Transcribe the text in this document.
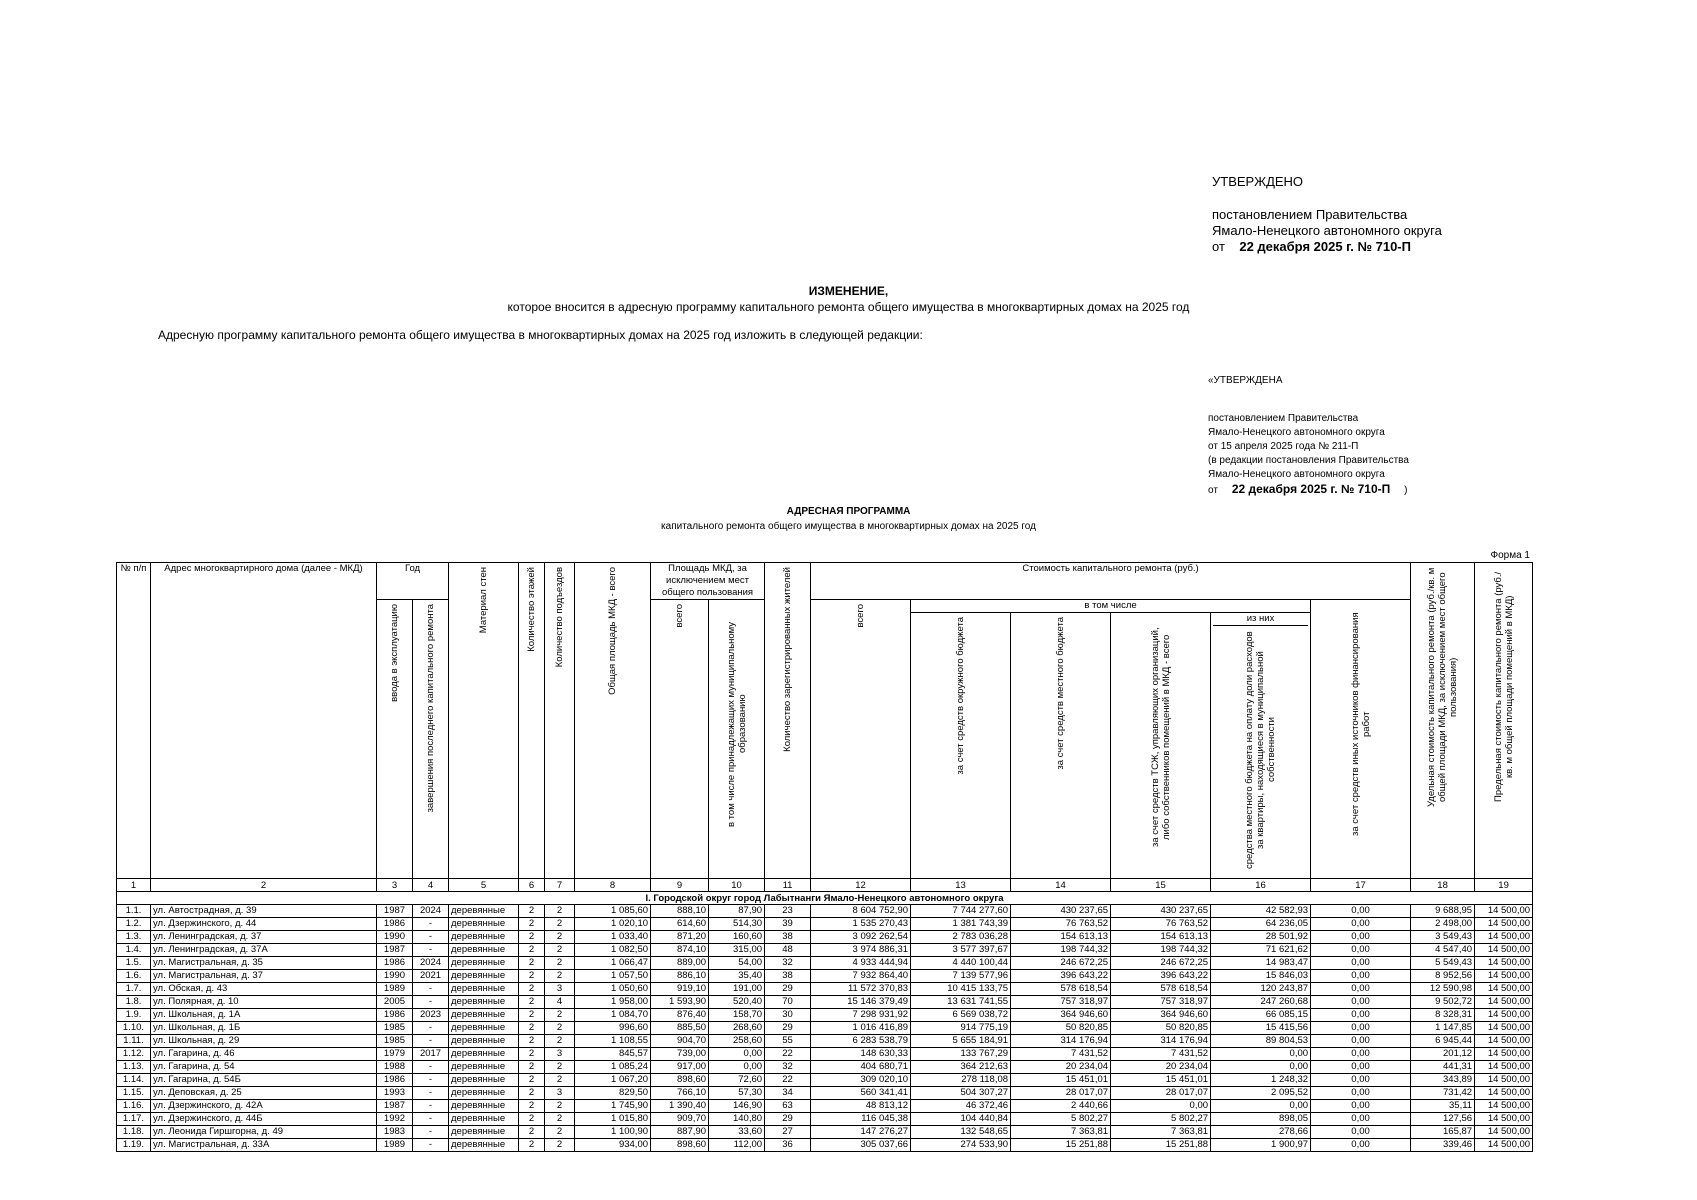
УТВЕРЖДЕНО
постановлением Правительства
Ямало-Ненецкого автономного округа
от 22 декабря 2025 г. № 710-П
ИЗМЕНЕНИЕ,
которое вносится в адресную программу капитального ремонта общего имущества в многоквартирных домах на 2025 год
Адресную программу капитального ремонта общего имущества в многоквартирных домах на 2025 год изложить в следующей редакции:
«УТВЕРЖДЕНА
постановлением Правительства
Ямало-Ненецкого автономного округа
от 15 апреля 2025 года № 211-П
(в редакции постановления Правительства
Ямало-Ненецкого автономного округа
от 22 декабря 2025 г. № 710-П )
АДРЕСНАЯ ПРОГРАММА
капитального ремонта общего имущества в многоквартирных домах на 2025 год
Форма 1
№ п/п	Адрес многоквартирного дома (далее - МКД)	Год		Материал стен	Количество этажей	Количество подъездов	Общая площадь МКД - всего	Площадь МКД, за исключением мест общего пользования		Количество зарегистрированных жителей	Стоимость капитального ремонта (руб.)						Удельная стоимость капитального ремонта (руб./кв. м общей площади МКД, за исключением мест общего пользования)	Предельная стоимость капитального ремонта (руб./кв. м общей площади помещений в МКД)
		ввода в эксплуатацию	завершения последнего капитального ремонта					всего	в том числе принадлежащих муниципальному образованию		всего	в том числе				за счет средств иных источников финансирования работ		
												за счет средств окружного бюджета	за счет средств местного бюджета	за счет средств ТСЖ, управляющих организаций, либо собственников помещений в МКД - всего	из них
средства местного бюджета на оплату доли расходов за квартиры, находящиеся в муниципальной собственности			
1	2	3	4	5	6	7	8	9	10	11	12	13	14	15	16	17	18	19
I. Городской округ город Лабытнанги Ямало-Ненецкого автономного округа																		
1.1.	ул. Автострадная, д. 39	1987	2024	деревянные	2	2	1 085,60	888,10	87,90	23	8 604 752,90	7 744 277,60	430 237,65	430 237,65	42 582,93	0,00	9 688,95	14 500,00
1.2.	ул. Дзержинского, д. 44	1986	-	деревянные	2	2	1 020,10	614,60	514,30	39	1 535 270,43	1 381 743,39	76 763,52	76 763,52	64 236,05	0,00	2 498,00	14 500,00
1.3.	ул. Ленинградская, д. 37	1990	-	деревянные	2	2	1 033,40	871,20	160,60	38	3 092 262,54	2 783 036,28	154 613,13	154 613,13	28 501,92	0,00	3 549,43	14 500,00
1.4.	ул. Ленинградская, д. 37А	1987	-	деревянные	2	2	1 082,50	874,10	315,00	48	3 974 886,31	3 577 397,67	198 744,32	198 744,32	71 621,62	0,00	4 547,40	14 500,00
1.5.	ул. Магистральная, д. 35	1986	2024	деревянные	2	2	1 066,47	889,00	54,00	32	4 933 444,94	4 440 100,44	246 672,25	246 672,25	14 983,47	0,00	5 549,43	14 500,00
1.6.	ул. Магистральная, д. 37	1990	2021	деревянные	2	2	1 057,50	886,10	35,40	38	7 932 864,40	7 139 577,96	396 643,22	396 643,22	15 846,03	0,00	8 952,56	14 500,00
1.7.	ул. Обская, д. 43	1989	-	деревянные	2	3	1 050,60	919,10	191,00	29	11 572 370,83	10 415 133,75	578 618,54	578 618,54	120 243,87	0,00	12 590,98	14 500,00
1.8.	ул. Полярная, д. 10	2005	-	деревянные	2	4	1 958,00	1 593,90	520,40	70	15 146 379,49	13 631 741,55	757 318,97	757 318,97	247 260,68	0,00	9 502,72	14 500,00
1.9.	ул. Школьная, д. 1А	1986	2023	деревянные	2	2	1 084,70	876,40	158,70	30	7 298 931,92	6 569 038,72	364 946,60	364 946,60	66 085,15	0,00	8 328,31	14 500,00
1.10.	ул. Школьная, д. 1Б	1985	-	деревянные	2	2	996,60	885,50	268,60	29	1 016 416,89	914 775,19	50 820,85	50 820,85	15 415,56	0,00	1 147,85	14 500,00
1.11.	ул. Школьная, д. 29	1985	-	деревянные	2	2	1 108,55	904,70	258,60	55	6 283 538,79	5 655 184,91	314 176,94	314 176,94	89 804,53	0,00	6 945,44	14 500,00
1.12.	ул. Гагарина, д. 46	1979	2017	деревянные	2	3	845,57	739,00	0,00	22	148 630,33	133 767,29	7 431,52	7 431,52	0,00	0,00	201,12	14 500,00
1.13.	ул. Гагарина, д. 54	1988	-	деревянные	2	2	1 085,24	917,00	0,00	32	404 680,71	364 212,63	20 234,04	20 234,04	0,00	0,00	441,31	14 500,00
1.14.	ул. Гагарина, д. 54Б	1986	-	деревянные	2	2	1 067,20	898,60	72,60	22	309 020,10	278 118,08	15 451,01	15 451,01	1 248,32	0,00	343,89	14 500,00
1.15.	ул. Деповская, д. 25	1993	-	деревянные	2	3	829,50	766,10	57,30	34	560 341,41	504 307,27	28 017,07	28 017,07	2 095,52	0,00	731,42	14 500,00
1.16.	ул. Дзержинского, д. 42А	1987	-	деревянные	2	2	1 745,90	1 390,40	146,90	63	48 813,12	46 372,46	2 440,66	0,00	0,00	0,00	35,11	14 500,00
1.17.	ул. Дзержинского, д. 44Б	1992	-	деревянные	2	2	1 015,80	909,70	140,80	29	116 045,38	104 440,84	5 802,27	5 802,27	898,05	0,00	127,56	14 500,00
1.18.	ул. Леонида Гиршгорна, д. 49	1983	-	деревянные	2	2	1 100,90	887,90	33,60	27	147 276,27	132 548,65	7 363,81	7 363,81	278,66	0,00	165,87	14 500,00
1.19.	ул. Магистральная, д. 33А	1989	-	деревянные	2	2	934,00	898,60	112,00	36	305 037,66	274 533,90	15 251,88	15 251,88	1 900,97	0,00	339,46	14 500,00
